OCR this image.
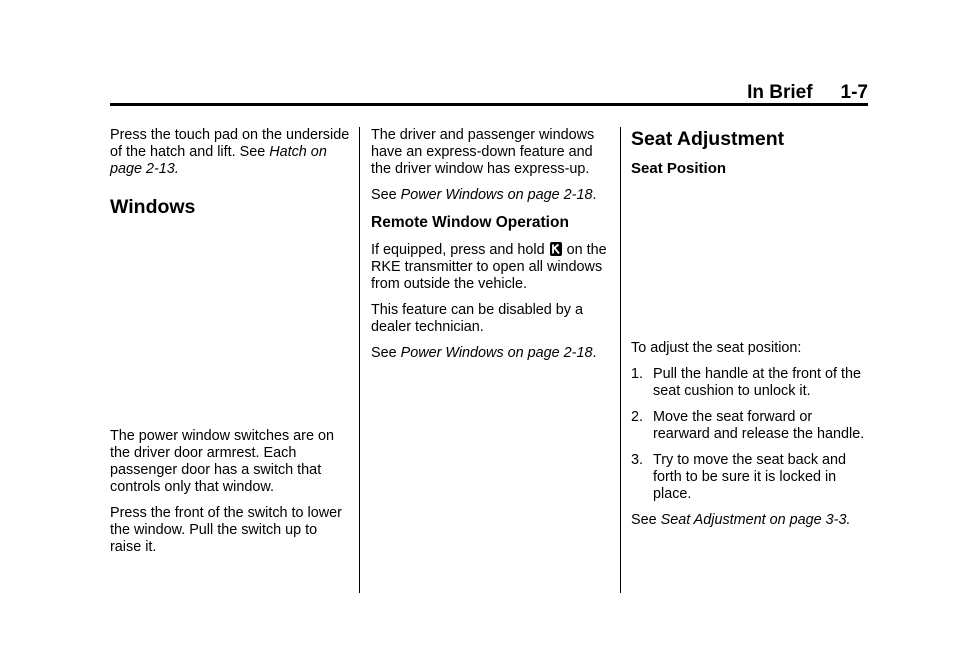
In Brief 1-7

Press the touch pad on the underside of the hatch and lift. See Hatch on page 2-13.

Windows

The power window switches are on the driver door armrest. Each passenger door has a switch that controls only that window.

Press the front of the switch to lower the window. Pull the switch up to raise it.

The driver and passenger windows have an express-down feature and the driver window has express-up.

See Power Windows on page 2-18.

Remote Window Operation

If equipped, press and hold  on the RKE transmitter to open all windows from outside the vehicle.

This feature can be disabled by a dealer technician.

See Power Windows on page 2-18.

Seat Adjustment
Seat Position

To adjust the seat position:

1. Pull the handle at the front of the seat cushion to unlock it.
2. Move the seat forward or rearward and release the handle.
3. Try to move the seat back and forth to be sure it is locked in place.

See Seat Adjustment on page 3-3.
